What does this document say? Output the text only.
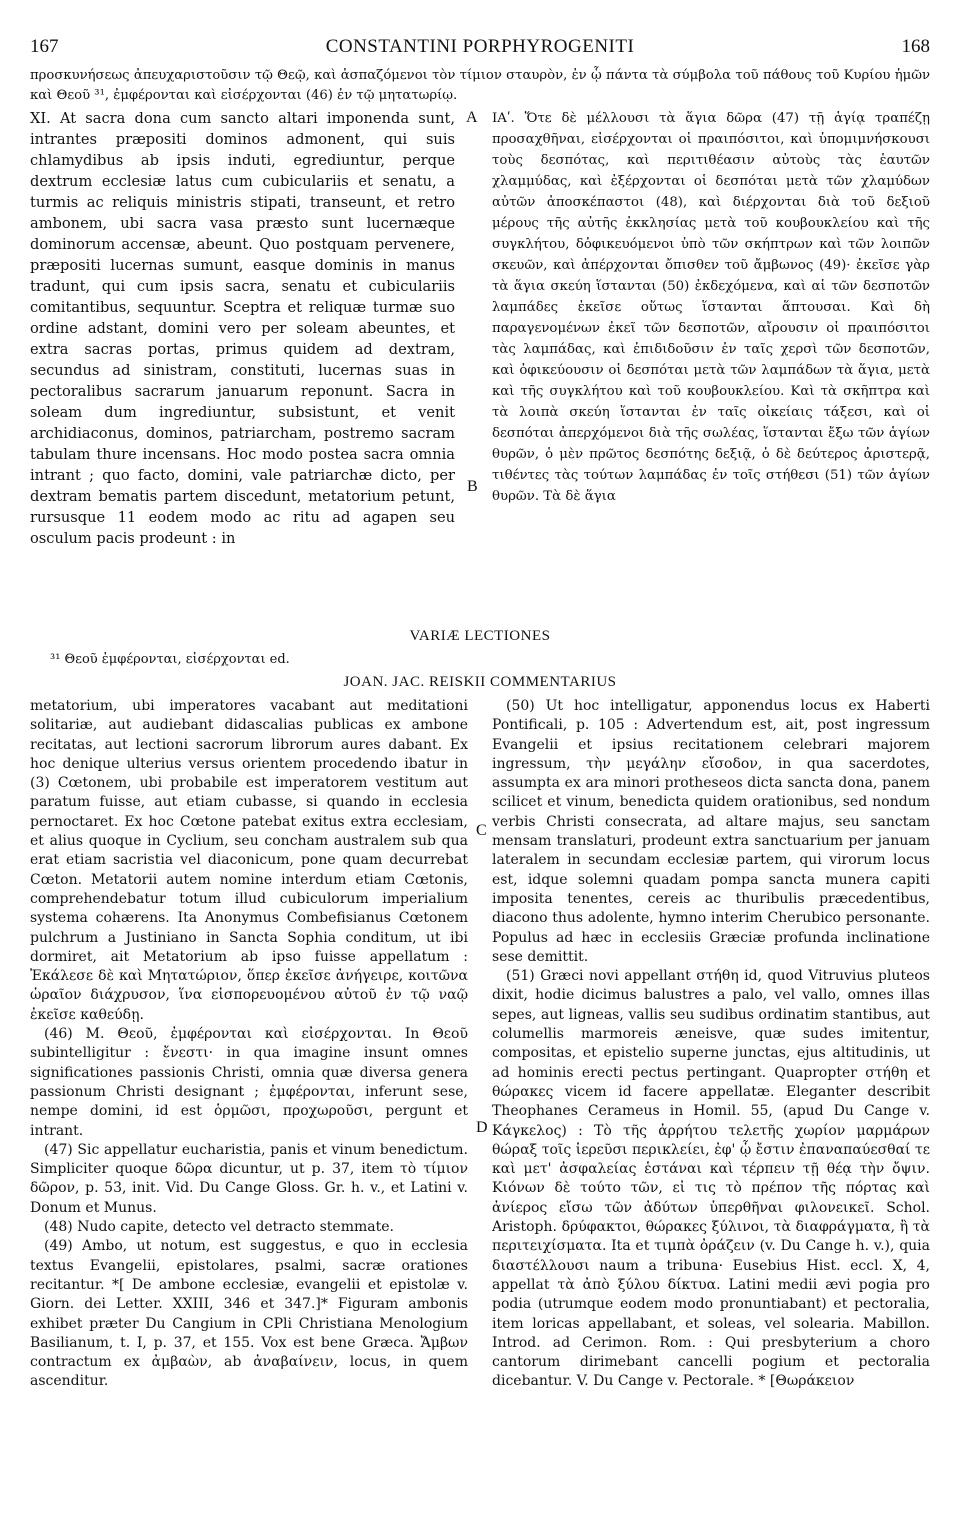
167	CONSTANTINI PORPHYROGENITI	168
προσκυνήσεως ἀπευχαριστοῦσιν τῷ Θεῷ, καὶ ἀσπαζόμενοι τὸν τίμιον σταυρὸν, ἐν ᾧ πάντα τὰ σύμβολα τοῦ πάθους τοῦ Κυρίου ἡμῶν καὶ Θεοῦ ³¹, ἐμφέρονται καὶ εἰσέρχονται (46) ἐν τῷ μητατωρίῳ.
XI. At sacra dona cum sancto altari imponenda sunt, intrantes præpositi dominos admonent, qui suis chlamydibus ab ipsis induti, egrediuntur, perque dextrum ecclesiæ latus cum cubiculariis et senatu, a turmis ac reliquis ministris stipati, transeunt, et retro ambonem, ubi sacra vasa præsto sunt lucernæque dominorum accensæ, abeunt. Quo postquam pervenere, præpositi lucernas sumunt, easque dominis in manus tradunt, qui cum ipsis sacra, senatu et cubiculariis comitantibus, sequuntur. Sceptra et reliquæ turmæ suo ordine adstant, domini vero per soleam abeuntes, et extra sacras portas, primus quidem ad dextram, secundus ad sinistram, constituti, lucernas suas in pectoralibus sacrarum januarum reponunt. Sacra in soleam dum ingrediuntur, subsistunt, et venit archidiaconus, dominos, patriarcham, postremo sacram tabulam thure incensans. Hoc modo postea sacra omnia intrant ; quo facto, domini, vale patriarchæ dicto, per dextram bematis partem discedunt, metatorium petunt, rursusque 11 eodem modo ac ritu ad agapen seu osculum pacis prodeunt : in
ΙΑʹ. Ὅτε δὲ μέλλουσι τὰ ἅγια δῶρα (47) τῇ ἁγίᾳ τραπέζῃ προσαχθῆναι, εἰσέρχονται οἱ πραιπόσιτοι, καὶ ὑπομιμνήσκουσι τοὺς δεσπότας, καὶ περιτιθέασιν αὐτοὺς τὰς ἑαυτῶν χλαμμύδας, καὶ ἐξέρχονται οἱ δεσπόται μετὰ τῶν χλαμύδων αὐτῶν ἀποσκέπαστοι (48), καὶ διέρχονται διὰ τοῦ δεξιοῦ μέρους τῆς αὐτῆς ἐκκλησίας μετὰ τοῦ κουβουκλείου καὶ τῆς συγκλήτου, δὀφικευόμενοι ὑπὸ τῶν σκήπτρων καὶ τῶν λοιπῶν σκευῶν, καὶ ἀπέρχονται ὄπισθεν τοῦ ἄμβωνος (49)· ἐκεῖσε γὰρ τὰ ἅγια σκεύη ἵστανται (50) ἐκδεχόμενα, καὶ αἱ τῶν δεσποτῶν λαμπάδες ἐκεῖσε οὕτως ἵστανται ἅπτουσαι. Καὶ δὴ παραγενομένων ἐκεῖ τῶν δεσποτῶν, αἴρουσιν οἱ πραιπόσιτοι τὰς λαμπάδας, καὶ ἐπιδιδοῦσιν ἐν ταῖς χερσὶ τῶν δεσποτῶν, καὶ ὀφικεύουσιν οἱ δεσπόται μετὰ τῶν λαμπάδων τὰ ἅγια, μετὰ καὶ τῆς συγκλήτου καὶ τοῦ κουβουκλείου. Καὶ τὰ σκῆπτρα καὶ τὰ λοιπὰ σκεύη ἵστανται ἐν ταῖς οἰκείαις τάξεσι, καὶ οἱ δεσπόται ἀπερχόμενοι διὰ τῆς σωλέας, ἵστανται ἔξω τῶν ἁγίων θυρῶν, ὁ μὲν πρῶτος δεσπότης δεξιᾷ, ὁ δὲ δεύτερος ἀριστερᾷ, τιθέντες τὰς τούτων λαμπάδας ἐν τοῖς στήθεσι (51) τῶν ἁγίων θυρῶν. Τὰ δὲ ἅγια
A
B
C
D
VARIÆ LECTIONES
³¹ Θεοῦ ἐμφέρονται, εἰσέρχονται ed.
JOAN. JAC. REISKII COMMENTARIUS

metatorium, ubi imperatores vacabant aut meditationi solitariæ, aut audiebant didascalias publicas ex ambone recitatas, aut lectioni sacrorum librorum aures dabant. Ex hoc denique ulterius versus orientem procedendo ibatur in (3) Cœtonem, ubi probabile est imperatorem vestitum aut paratum fuisse, aut etiam cubasse, si quando in ecclesia pernoctaret. Ex hoc Cœtone patebat exitus extra ecclesiam, et alius quoque in Cyclium, seu concham australem sub qua erat etiam sacristia vel diaconicum, pone quam decurrebat Cœton. Metatorii autem nomine interdum etiam Cœtonis, comprehendebatur totum illud cubiculorum imperialium systema cohærens. Ita Anonymus Combefisianus Cœtonem pulchrum a Justiniano in Sancta Sophia conditum, ut ibi dormiret, ait Metatorium ab ipso fuisse appellatum : Ἐκάλεσε δὲ καὶ Μητατώριον, ὅπερ ἐκεῖσε ἀνήγειρε, κοιτῶνα ὡραῖον διάχρυσον, ἵνα εἰσπορευομένου αὐτοῦ ἐν τῷ ναῷ ἐκεῖσε καθεύδῃ.

(46) M. Θεοῦ, ἐμφέρονται καὶ εἰσέρχονται. In Θεοῦ subintelligitur : ἔνεστι· in qua imagine insunt omnes significationes passionis Christi, omnia quæ diversa genera passionum Christi designant ; ἐμφέρονται, inferunt sese, nempe domini, id est ὁρμῶσι, προχωροῦσι, pergunt et intrant.

(47) Sic appellatur eucharistia, panis et vinum benedictum. Simpliciter quoque δῶρα dicuntur, ut p. 37, item τὸ τίμιον δῶρον, p. 53, init. Vid. Du Cange Gloss. Gr. h. v., et Latini v. Donum et Munus.

(48) Nudo capite, detecto vel detracto stemmate.

(49) Ambo, ut notum, est suggestus, e quo in ecclesia textus Evangelii, epistolares, psalmi, sacræ orationes recitantur. *[ De ambone ecclesiæ, evangelii et epistolæ v. Giorn. dei Letter. XXIII, 346 et 347.]* Figuram ambonis exhibet præter Du Cangium in CPli Christiana Menologium Basilianum, t. I, p. 37, et 155. Vox est bene Græca. Ἄμβων contractum ex ἀμβαὼν, ab ἀναβαίνειν, locus, in quem ascenditur.

(50) Ut hoc intelligatur, apponendus locus ex Haberti Pontificali, p. 105 : Advertendum est, ait, post ingressum Evangelii et ipsius recitationem celebrari majorem ingressum, τὴν μεγάλην εἴσοδον, in qua sacerdotes, assumpta ex ara minori protheseos dicta sancta dona, panem scilicet et vinum, benedicta quidem orationibus, sed nondum verbis Christi consecrata, ad altare majus, seu sanctam mensam translaturi, prodeunt extra sanctuarium per januam lateralem in secundam ecclesiæ partem, qui virorum locus est, idque solemni quadam pompa sancta munera capiti imposita tenentes, cereis ac thuribulis præcedentibus, diacono thus adolente, hymno interim Cherubico personante. Populus ad hæc in ecclesiis Græciæ profunda inclinatione sese demittit.

(51) Græci novi appellant στήθη id, quod Vitruvius pluteos dixit, hodie dicimus balustres a palo, vel vallo, omnes illas sepes, aut ligneas, vallis seu sudibus ordinatim stantibus, aut columellis marmoreis æneisve, quæ sudes imitentur, compositas, et epistelio superne junctas, ejus altitudinis, ut ad hominis erecti pectus pertingant. Quapropter στήθη et θώρακες vicem id facere appellatæ. Eleganter describit Theophanes Cerameus in Homil. 55, (apud Du Cange v. Κάγκελος) : Τὸ τῆς ἀρρήτου τελετῆς χωρίον μαρμάρων θώραξ τοῖς ἱερεῦσι περικλείει, ἐφ' ᾧ ἔστιν ἐπαναπαύεσθαί τε καὶ μετ' ἀσφαλείας ἑστάναι καὶ τέρπειν τῇ θέᾳ τὴν ὄψιν. Κιόνων δὲ τούτο τῶν, εἰ τις τὸ πρέπον τῆς πόρτας καὶ ἀνίερος εἴσω τῶν ἀδύτων ὑπερθῆναι φιλονεικεῖ. Schol. Aristoph. δρύφακτοι, θώρακες ξύλινοι, τὰ διαφράγματα, ἢ τὰ περιτειχίσματα. Ita et τιμπὰ ὀράζειν (v. Du Cange h. v.), quia διαστέλλουσι naum a tribuna· Eusebius Hist. eccl. X, 4, appellat τὰ ἀπὸ ξύλου δίκτυα. Latini medii ævi pogia pro podia (utrumque eodem modo pronuntiabant) et pectoralia, item loricas appellabant, et soleas, vel solearia. Mabillon. Introd. ad Cerimon. Rom. : Qui presbyterium a choro cantorum dirimebant cancelli pogium et pectoralia dicebantur. V. Du Cange v. Pectorale. * [Θωράκειον
